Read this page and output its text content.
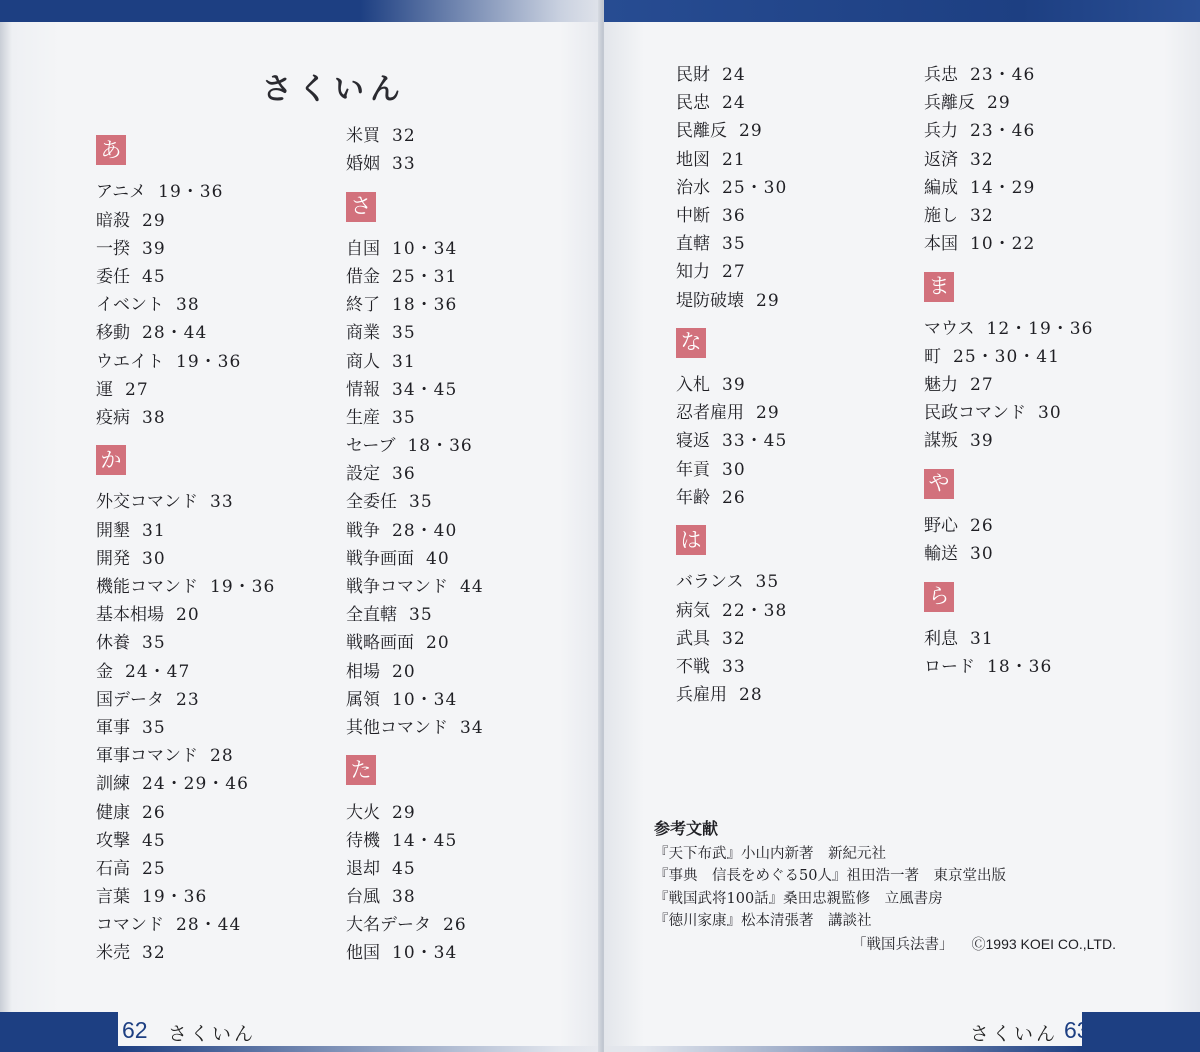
さくいん
あ
アニメ 19・36
暗殺 29
一揆 39
委任 45
イベント 38
移動 28・44
ウエイト 19・36
運 27
疫病 38
か
外交コマンド 33
開墾 31
開発 30
機能コマンド 19・36
基本相場 20
休養 35
金 24・47
国データ 23
軍事 35
軍事コマンド 28
訓練 24・29・46
健康 26
攻撃 45
石高 25
言葉 19・36
コマンド 28・44
米売 32
米買 32
婚姻 33
さ
自国 10・34
借金 25・31
終了 18・36
商業 35
商人 31
情報 34・45
生産 35
セーブ 18・36
設定 36
全委任 35
戦争 28・40
戦争画面 40
戦争コマンド 44
全直轄 35
戦略画面 20
相場 20
属領 10・34
其他コマンド 34
た
大火 29
待機 14・45
退却 45
台風 38
大名データ 26
他国 10・34
62 さくいん
民財 24
民忠 24
民離反 29
地図 21
治水 25・30
中断 36
直轄 35
知力 27
堤防破壊 29
な
入札 39
忍者雇用 29
寝返 33・45
年貢 30
年齢 26
は
バランス 35
病気 22・38
武具 32
不戦 33
兵雇用 28
兵忠 23・46
兵離反 29
兵力 23・46
返済 32
編成 14・29
施し 32
本国 10・22
ま
マウス 12・19・36
町 25・30・41
魅力 27
民政コマンド 30
謀叛 39
や
野心 26
輸送 30
ら
利息 31
ロード 18・36
参考文献
『天下布武』小山内新著　新紀元社
『事典　信長をめぐる50人』祖田浩一著　東京堂出版
『戦国武将100話』桑田忠親監修　立風書房
『徳川家康』松本清張著　講談社
「戦国兵法書」 Ⓒ1993 KOEI CO.,LTD.
さくいん 63
